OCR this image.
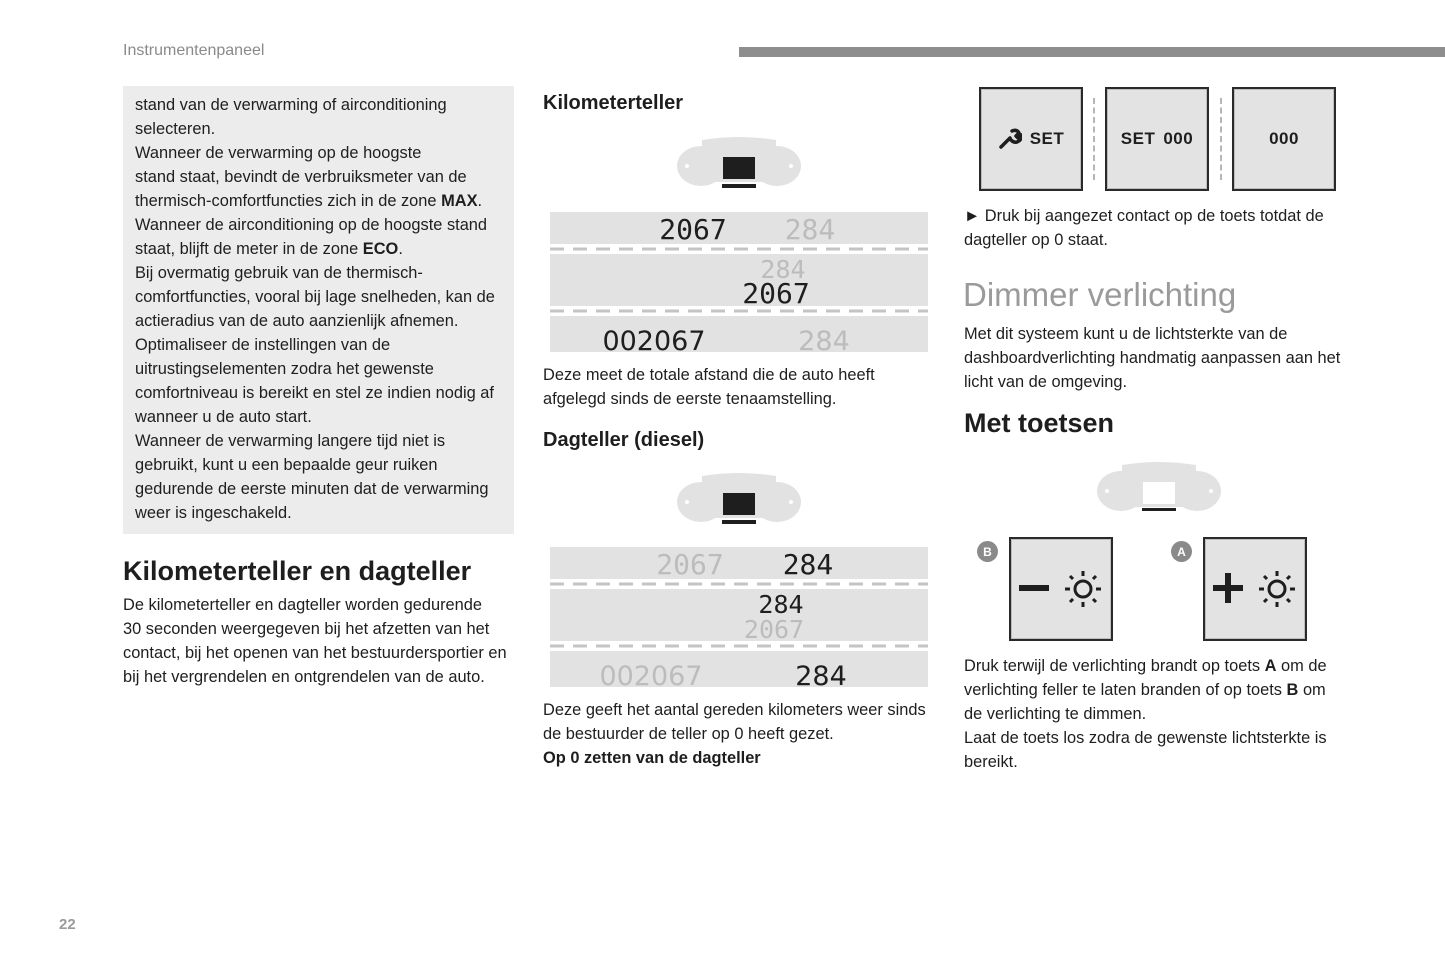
Instrumentenpaneel
stand van de verwarming of airconditioning
selecteren.
Wanneer de verwarming op de hoogste
stand staat, bevindt de verbruiksmeter van de
thermisch-comfortfuncties zich in de zone MAX.
Wanneer de airconditioning op de hoogste stand
staat, blijft de meter in de zone ECO.
Bij overmatig gebruik van de thermisch-
comfortfuncties, vooral bij lage snelheden, kan de
actieradius van de auto aanzienlijk afnemen.
Optimaliseer de instellingen van de
uitrustingselementen zodra het gewenste
comfortniveau is bereikt en stel ze indien nodig af
wanneer u de auto start.
Wanneer de verwarming langere tijd niet is
gebruikt, kunt u een bepaalde geur ruiken
gedurende de eerste minuten dat de verwarming
weer is ingeschakeld.
Kilometerteller en dagteller
De kilometerteller en dagteller worden gedurende
30 seconden weergegeven bij het afzetten van het
contact, bij het openen van het bestuurdersportier en
bij het vergrendelen en ontgrendelen van de auto.
Kilometerteller
2067 284
284
2067
002067	284
Deze meet de totale afstand die de auto heeft
afgelegd sinds de eerste tenaamstelling.
Dagteller (diesel)
2067 284
284
2067
002067	284
Deze geeft het aantal gereden kilometers weer sinds
de bestuurder de teller op 0 heeft gezet.
Op 0 zetten van de dagteller
SET	SET 000	000
► Druk bij aangezet contact op de toets totdat de
dagteller op 0 staat.
Dimmer verlichting
Met dit systeem kunt u de lichtsterkte van de
dashboardverlichting handmatig aanpassen aan het
licht van de omgeving.
Met toetsen
B	A
Druk terwijl de verlichting brandt op toets A om de
verlichting feller te laten branden of op toets B om
de verlichting te dimmen.
Laat de toets los zodra de gewenste lichtsterkte is
bereikt.
22
